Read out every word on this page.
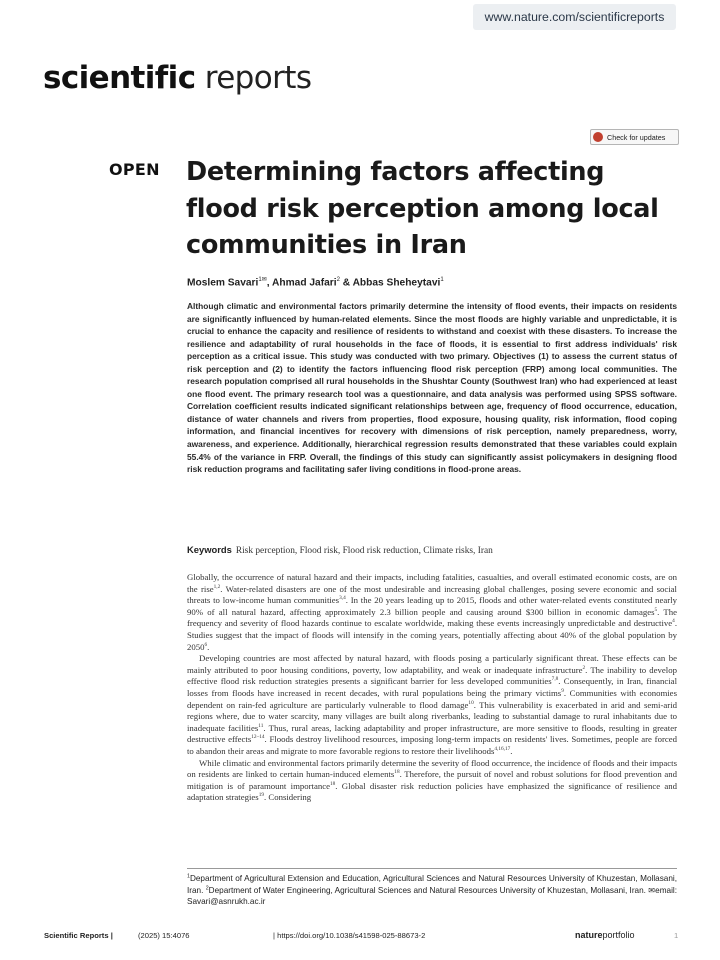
www.nature.com/scientificreports
scientific reports
Check for updates
OPEN Determining factors affecting flood risk perception among local communities in Iran
Moslem Savari$^{1✉}$, Ahmad Jafari$^2$ & Abbas Sheheytavi$^1$

Although climatic and environmental factors primarily determine the intensity of flood events, their impacts on residents are significantly influenced by human-related elements. Since the most floods are highly variable and unpredictable, it is crucial to enhance the capacity and resilience of residents to withstand and coexist with these disasters. To increase the resilience and adaptability of rural households in the face of floods, it is essential to first address individuals' risk perception as a critical issue. This study was conducted with two primary. Objectives (1) to assess the current status of risk perception and (2) to identify the factors influencing flood risk perception (FRP) among local communities. The research population comprised all rural households in the Shushtar County (Southwest Iran) who had experienced at least one flood event. The primary research tool was a questionnaire, and data analysis was performed using SPSS software. Correlation coefficient results indicated significant relationships between age, frequency of flood occurrence, education, distance of water channels and rivers from properties, flood exposure, housing quality, risk information, flood coping information, and financial incentives for recovery with dimensions of risk perception, namely preparedness, worry, awareness, and experience. Additionally, hierarchical regression results demonstrated that these variables could explain 55.4% of the variance in FRP. Overall, the findings of this study can significantly assist policymakers in designing flood risk reduction programs and facilitating safer living conditions in flood-prone areas.

Keywords Risk perception, Flood risk, Flood risk reduction, Climate risks, Iran

Globally, the occurrence of natural hazard and their impacts, including fatalities, casualties, and overall estimated economic costs, are on the rise$^{1,2}$. Water-related disasters are one of the most undesirable and increasing global challenges, posing severe economic and social threats to low-income human communities$^{3,4}$. In the 20 years leading up to 2015, floods and other water-related events constituted nearly 90% of all natural hazard, affecting approximately 2.3 billion people and causing around $300 billion in economic damages$^5$. The frequency and severity of flood hazards continue to escalate worldwide, making these events increasingly unpredictable and destructive$^4$. Studies suggest that the impact of floods will intensify in the coming years, potentially affecting about 40% of the global population by 2050$^6$.

Developing countries are most affected by natural hazard, with floods posing a particularly significant threat. These effects can be mainly attributed to poor housing conditions, poverty, low adaptability, and weak or inadequate infrastructure$^2$. The inability to develop effective flood risk reduction strategies presents a significant barrier for less developed communities$^{7,8}$. Consequently, in Iran, financial losses from floods have increased in recent decades, with rural populations being the primary victims$^9$. Communities with economies dependent on rain-fed agriculture are particularly vulnerable to flood damage$^{10}$. This vulnerability is exacerbated in arid and semi-arid regions where, due to water scarcity, many villages are built along riverbanks, leading to substantial damage to rural inhabitants due to inadequate facilities$^{11}$. Thus, rural areas, lacking adaptability and proper infrastructure, are more sensitive to floods, resulting in greater destructive effects$^{12-14}$. Floods destroy livelihood resources, imposing long-term impacts on residents' lives. Sometimes, people are forced to abandon their areas and migrate to more favorable regions to restore their livelihoods$^{4,16,17}$.

While climatic and environmental factors primarily determine the severity of flood occurrence, the incidence of floods and their impacts on residents are linked to certain human-induced elements$^{18}$. Therefore, the pursuit of novel and robust solutions for flood prevention and mitigation is of paramount importance$^{18}$. Global disaster risk reduction policies have emphasized the significance of resilience and adaptation strategies$^{19}$. Considering

$^1$Department of Agricultural Extension and Education, Agricultural Sciences and Natural Resources University of Khuzestan, Mollasani, Iran. $^2$Department of Water Engineering, Agricultural Sciences and Natural Resources University of Khuzestan, Mollasani, Iran. ✉email: Savari@asnrukh.ac.ir

Scientific Reports |	(2025) 15:4076	| https://doi.org/10.1038/s41598-025-88673-2	natureportfolio	1
